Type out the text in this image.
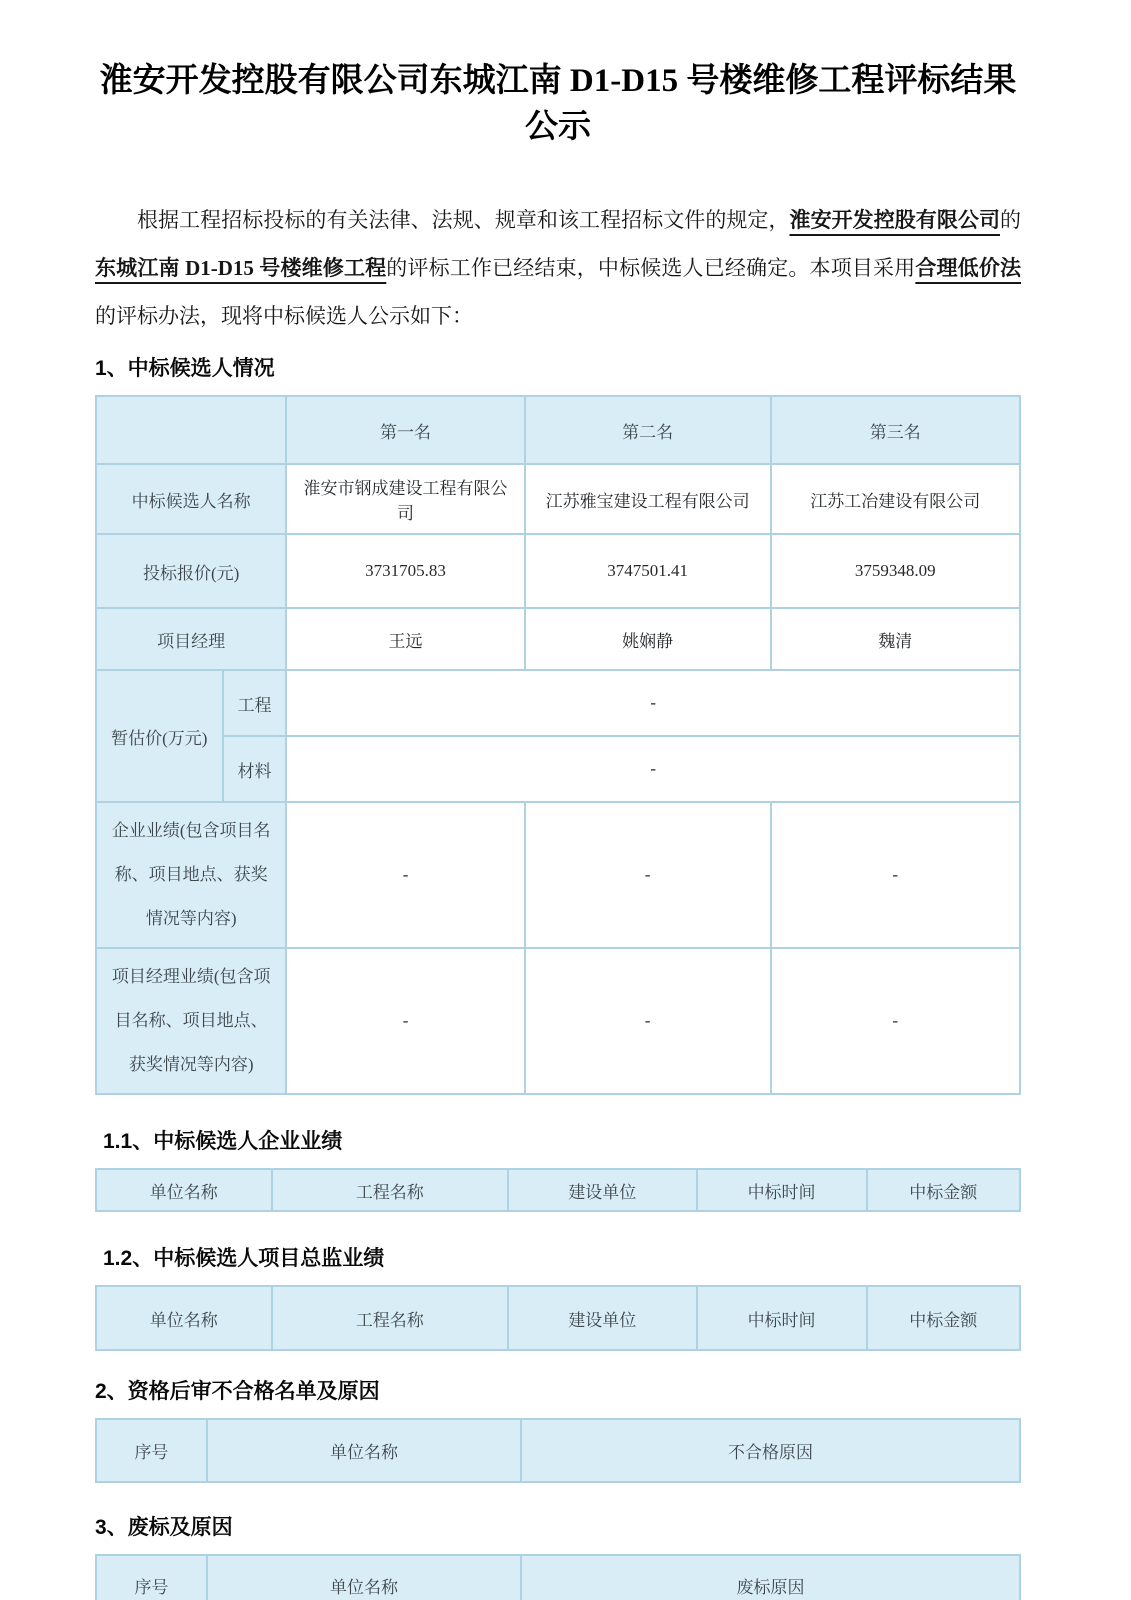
淮安开发控股有限公司东城江南 D1-D15 号楼维修工程评标结果
公示

根据工程招标投标的有关法律、法规、规章和该工程招标文件的规定，淮安开发控股有限公司的东城江南 D1-D15 号楼维修工程的评标工作已经结束，中标候选人已经确定。本项目采用合理低价法的评标办法，现将中标候选人公示如下：

1、中标候选人情况
		第一名	第二名	第三名
中标候选人名称		淮安市钢成建设工程有限公司	江苏雅宝建设工程有限公司	江苏工冶建设有限公司
投标报价(元)		3731705.83	3747501.41	3759348.09
项目经理		王远	姚娴静	魏清
暂估价(万元)	工程	-		
	材料	-		
企业业绩(包含项目名称、项目地点、获奖情况等内容)		-	-	-
项目经理业绩(包含项目名称、项目地点、获奖情况等内容)		-	-	-
1.1、中标候选人企业业绩
单位名称	工程名称	建设单位	中标时间	中标金额
1.2、中标候选人项目总监业绩
单位名称	工程名称	建设单位	中标时间	中标金额
2、资格后审不合格名单及原因
序号	单位名称	不合格原因
3、废标及原因
序号	单位名称	废标原因
